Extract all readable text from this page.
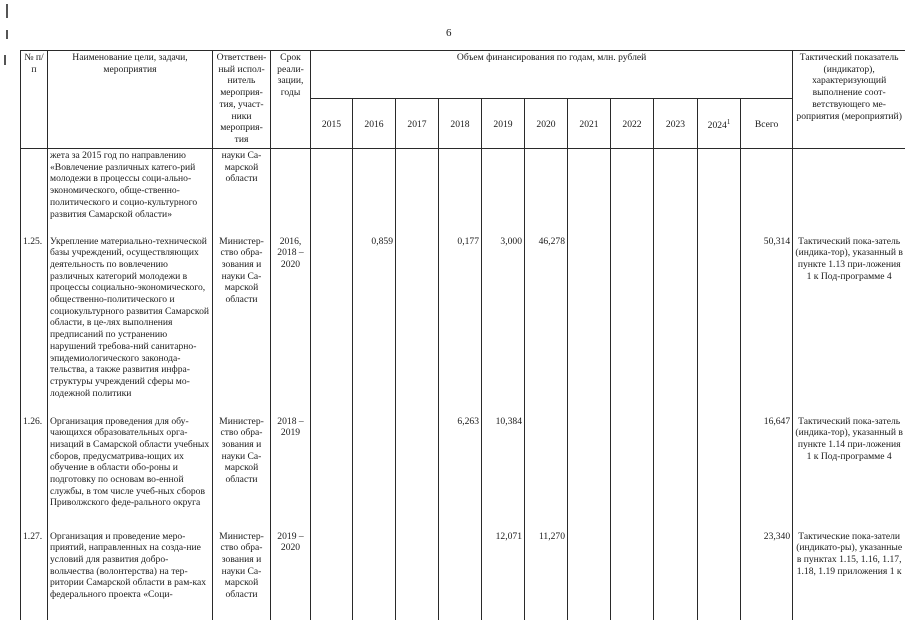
6
№ п/п	Наименование цели, задачи, мероприятия	Ответствен-ный испол-нитель мероприя-тия, участ-ники мероприя-тия	Срок реали-зации, годы	Объем финансирования по годам, млн. рублей											Тактический показатель (индикатор), характеризующий выполнение соот-ветствующего ме-роприятия (мероприятий)
				2015	2016	2017	2018	2019	2020	2021	2022	2023	2024$^1$	Всего	
	жета за 2015 год по направлению «Вовлечение различных катего-рий молодежи в процессы соци-ально-экономического, обще-ственно-политического и социо-культурного развития Самарской области»	науки Са-марской области													
1.25.	Укрепление материально-технической базы учреждений, осуществляющих деятельность по вовлечению различных категорий молодежи в процессы социально-экономического, общественно-политического и социокультурного развития Самарской области, в це-лях выполнения предписаний по устранению нарушений требова-ний санитарно-эпидемиологического законода-тельства, а также развития инфра-структуры учреждений сферы мо-лодежной политики	Министер-ство обра-зования и науки Са-марской области	2016, 2018 – 2020		0,859		0,177	3,000	46,278					50,314	Тактический пока-затель (индика-тор), указанный в пункте 1.13 при-ложения 1 к Под-программе 4
1.26.	Организация проведения для обу-чающихся образовательных орга-низаций в Самарской области учебных сборов, предусматрива-ющих их обучение в области обо-роны и подготовку по основам во-енной службы, в том числе учеб-ных сборов Приволжского феде-рального округа	Министер-ство обра-зования и науки Са-марской области	2018 – 2019				6,263	10,384						16,647	Тактический пока-затель (индика-тор), указанный в пункте 1.14 при-ложения 1 к Под-программе 4
1.27.	Организация и проведение меро-приятий, направленных на созда-ние условий для развития добро-вольчества (волонтерства) на тер-ритории Самарской области в рам-ках федерального проекта «Соци-	Министер-ство обра-зования и науки Са-марской области	2019 – 2020					12,071	11,270					23,340	Тактические пока-затели (индикато-ры), указанные в пунктах 1.15, 1.16, 1.17, 1.18, 1.19 приложения 1 к
